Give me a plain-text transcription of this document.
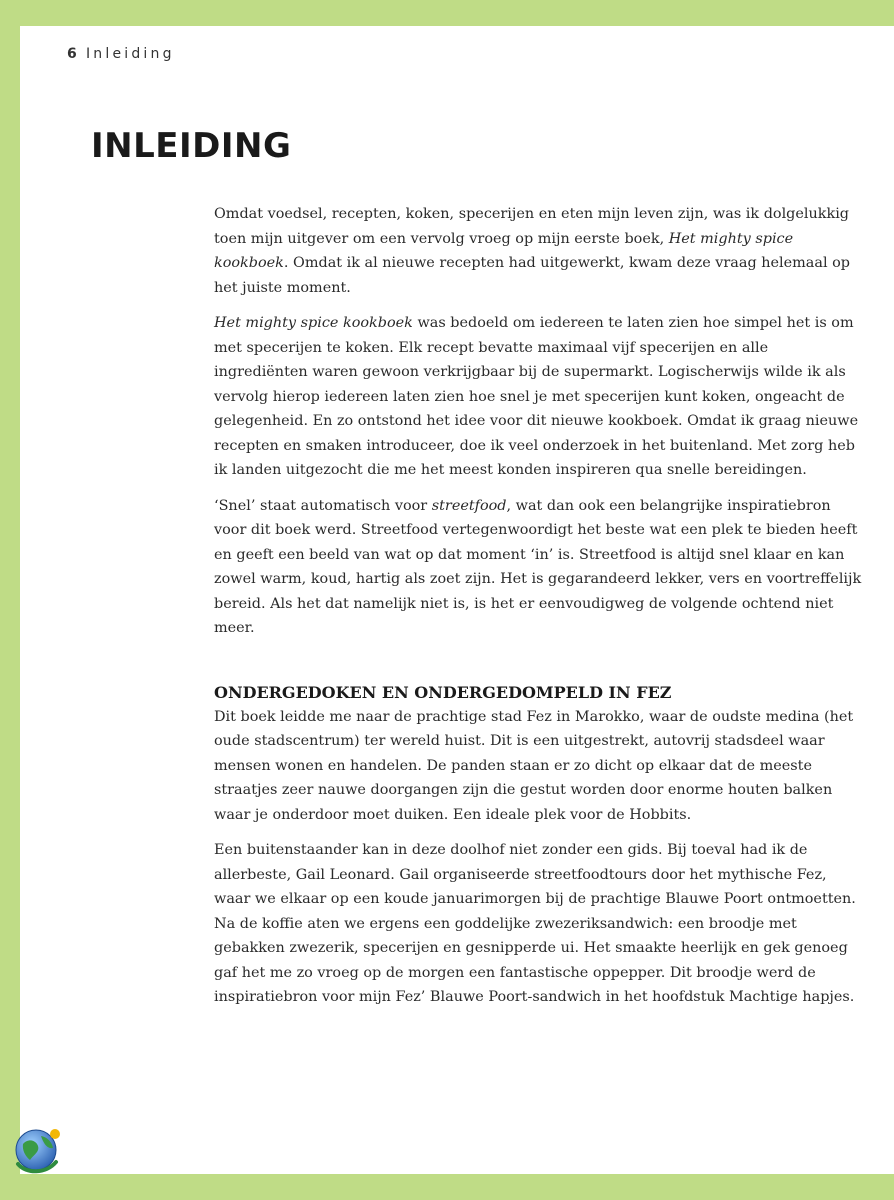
6 Inleiding
INLEIDING

Omdat voedsel, recepten, koken, specerijen en eten mijn leven zijn, was ik dolgelukkig toen mijn uitgever om een vervolg vroeg op mijn eerste boek, Het mighty spice kookboek. Omdat ik al nieuwe recepten had uitgewerkt, kwam deze vraag helemaal op het juiste moment.

Het mighty spice kookboek was bedoeld om iedereen te laten zien hoe simpel het is om met specerijen te koken. Elk recept bevatte maximaal vijf specerijen en alle ingrediënten waren gewoon verkrijgbaar bij de supermarkt. Logischerwijs wilde ik als vervolg hierop iedereen laten zien hoe snel je met specerijen kunt koken, ongeacht de gelegenheid. En zo ontstond het idee voor dit nieuwe kookboek. Omdat ik graag nieuwe recepten en smaken introduceer, doe ik veel onderzoek in het buitenland. Met zorg heb ik landen uitgezocht die me het meest konden inspireren qua snelle bereidingen.

‘Snel’ staat automatisch voor streetfood, wat dan ook een belangrijke inspiratiebron voor dit boek werd. Streetfood vertegenwoordigt het beste wat een plek te bieden heeft en geeft een beeld van wat op dat moment ‘in’ is. Streetfood is altijd snel klaar en kan zowel warm, koud, hartig als zoet zijn. Het is gegarandeerd lekker, vers en voortreffelijk bereid. Als het dat namelijk niet is, is het er eenvoudigweg de volgende ochtend niet meer.

ONDERGEDOKEN EN ONDERGEDOMPELD IN FEZ

Dit boek leidde me naar de prachtige stad Fez in Marokko, waar de oudste medina (het oude stadscentrum) ter wereld huist. Dit is een uitgestrekt, autovrij stadsdeel waar mensen wonen en handelen. De panden staan er zo dicht op elkaar dat de meeste straatjes zeer nauwe doorgangen zijn die gestut worden door enorme houten balken waar je onderdoor moet duiken. Een ideale plek voor de Hobbits.

Een buitenstaander kan in deze doolhof niet zonder een gids. Bij toeval had ik de allerbeste, Gail Leonard. Gail organiseerde streetfoodtours door het mythische Fez, waar we elkaar op een koude januarimorgen bij de prachtige Blauwe Poort ontmoetten. Na de koffie aten we ergens een goddelijke zwezeriksandwich: een broodje met gebakken zwezerik, specerijen en gesnipperde ui. Het smaakte heerlijk en gek genoeg gaf het me zo vroeg op de morgen een fantastische oppepper. Dit broodje werd de inspiratiebron voor mijn Fez’ Blauwe Poort-sandwich in het hoofdstuk Machtige hapjes.
